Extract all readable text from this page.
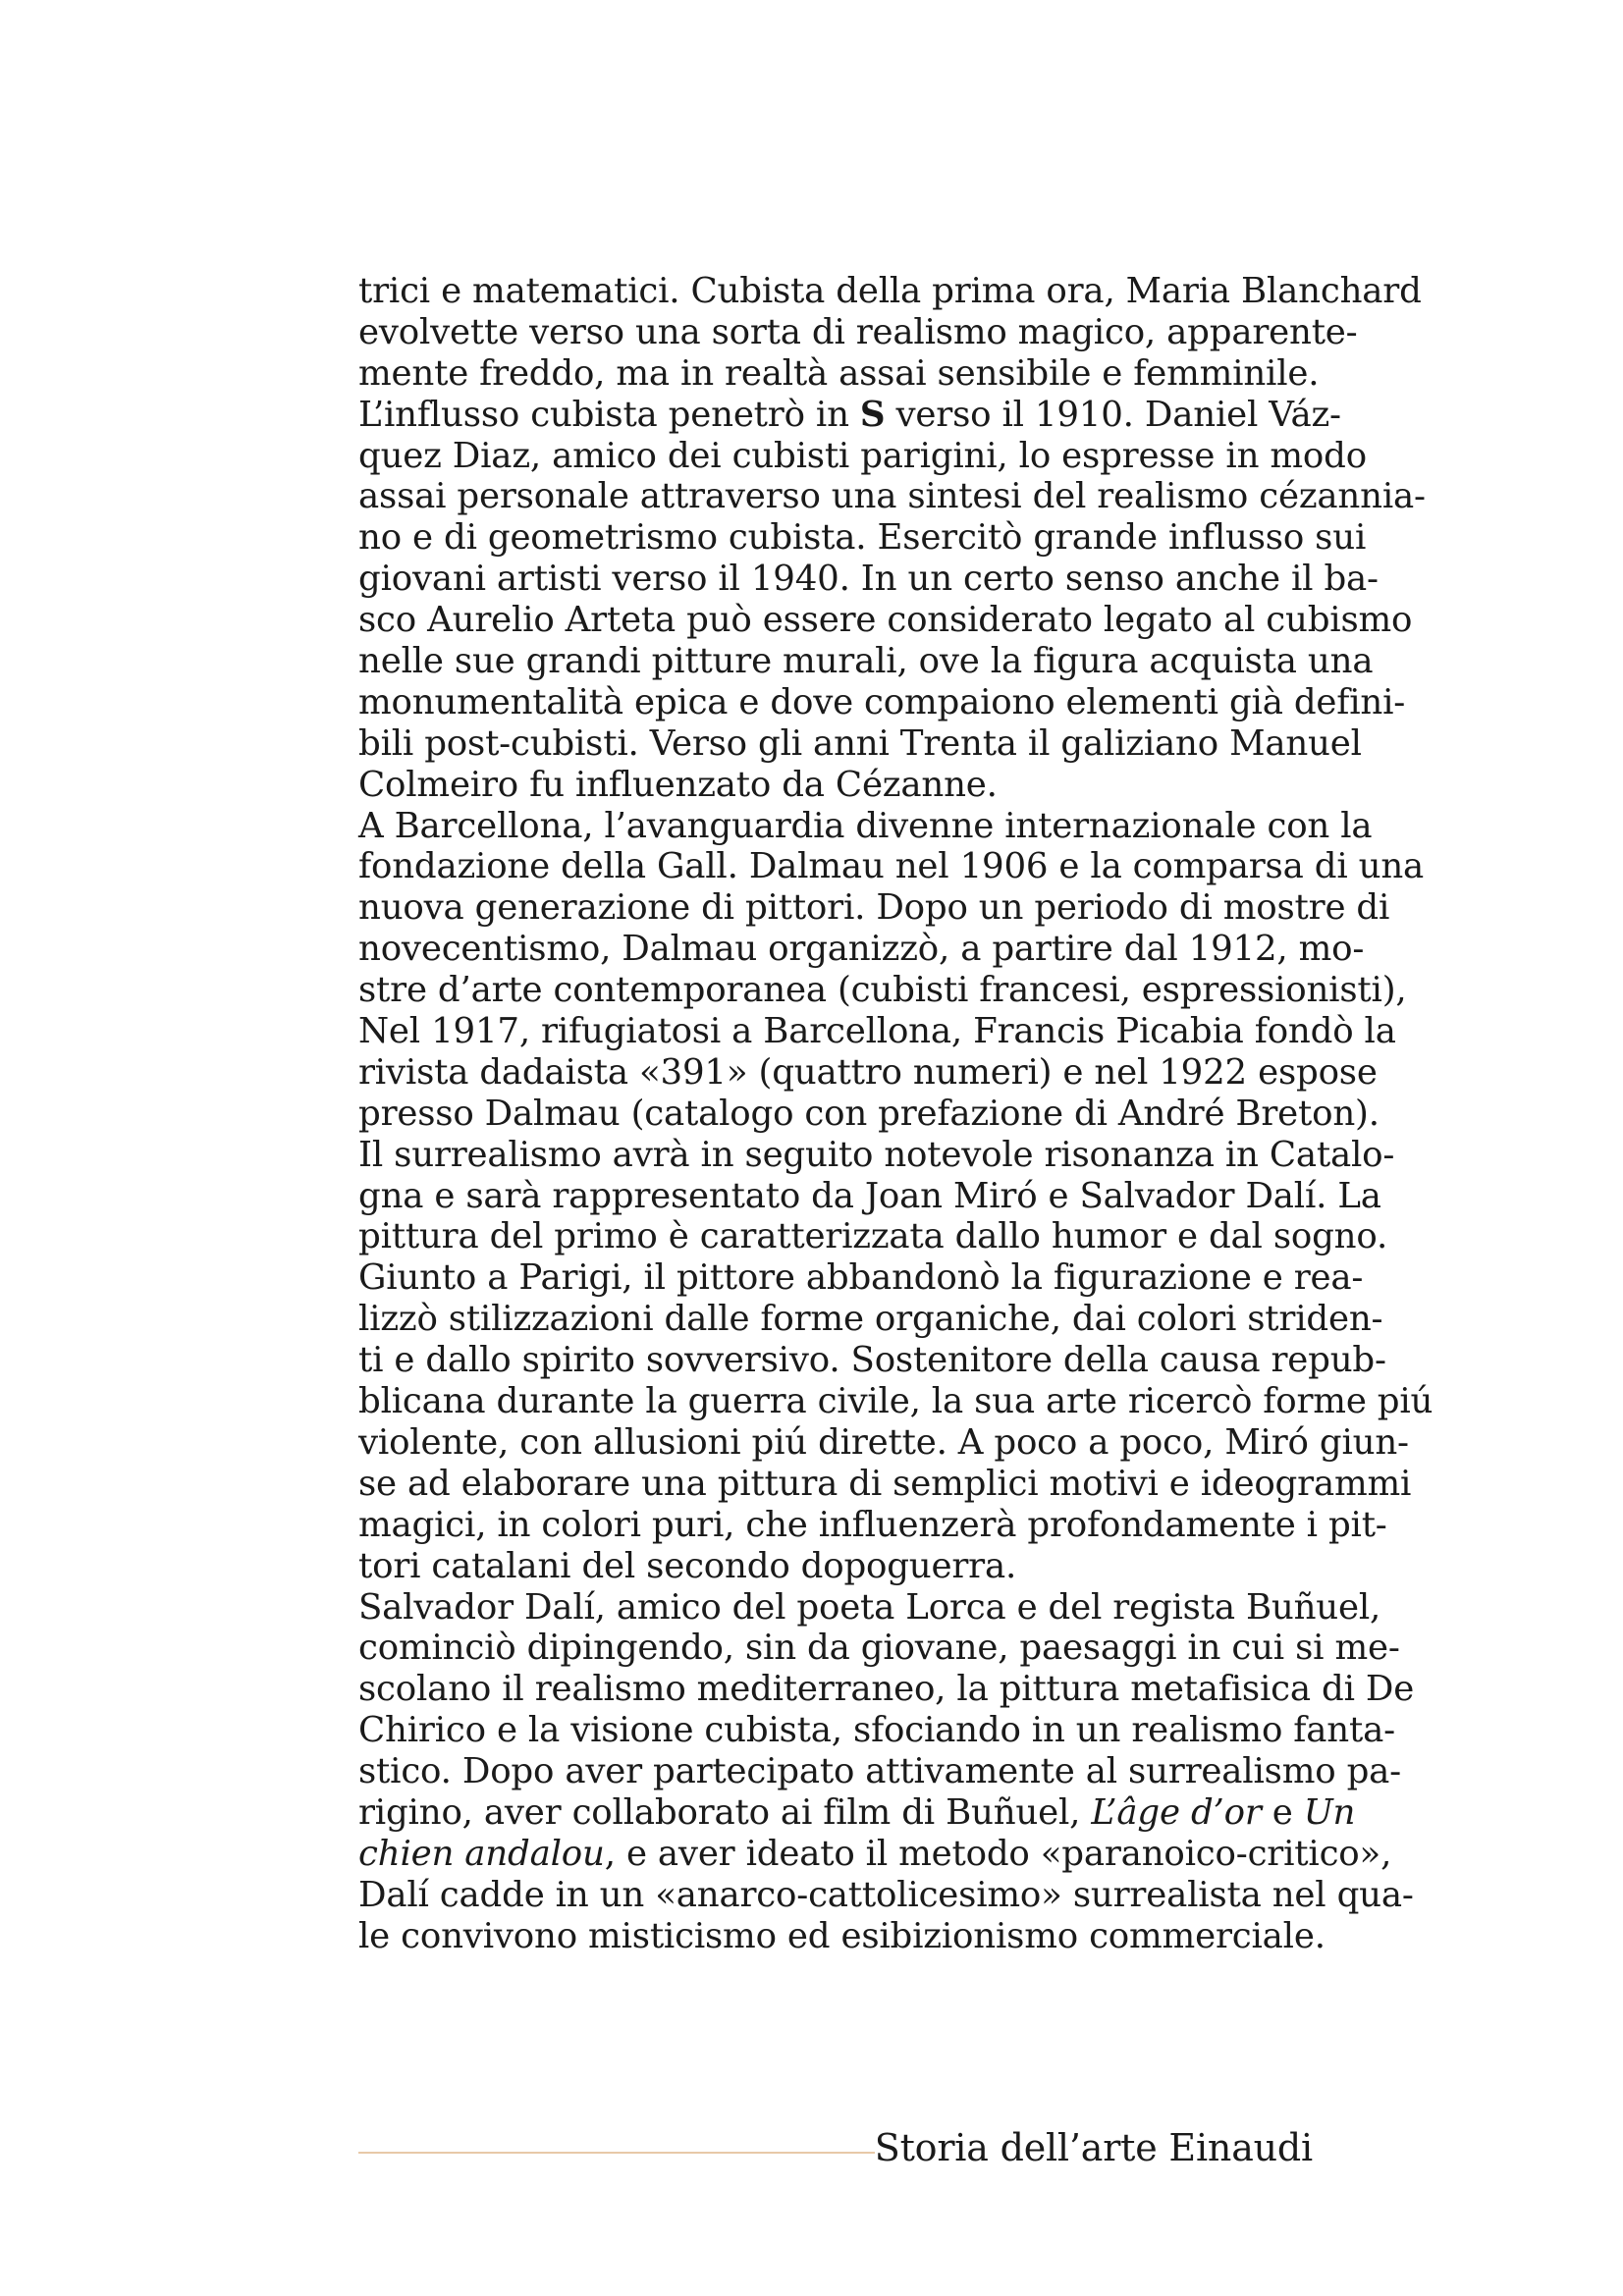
trici e matematici. Cubista della prima ora, Maria Blanchard
evolvette verso una sorta di realismo magico, apparente-
mente freddo, ma in realtà assai sensibile e femminile.
L’influsso cubista penetrò in S verso il 1910. Daniel Váz-
quez Diaz, amico dei cubisti parigini, lo espresse in modo
assai personale attraverso una sintesi del realismo cézannia-
no e di geometrismo cubista. Esercitò grande influsso sui
giovani artisti verso il 1940. In un certo senso anche il ba-
sco Aurelio Arteta può essere considerato legato al cubismo
nelle sue grandi pitture murali, ove la figura acquista una
monumentalità epica e dove compaiono elementi già defini-
bili post-cubisti. Verso gli anni Trenta il galiziano Manuel
Colmeiro fu influenzato da Cézanne.
A Barcellona, l’avanguardia divenne internazionale con la
fondazione della Gall. Dalmau nel 1906 e la comparsa di una
nuova generazione di pittori. Dopo un periodo di mostre di
novecentismo, Dalmau organizzò, a partire dal 1912, mo-
stre d’arte contemporanea (cubisti francesi, espressionisti),
Nel 1917, rifugiatosi a Barcellona, Francis Picabia fondò la
rivista dadaista «391» (quattro numeri) e nel 1922 espose
presso Dalmau (catalogo con prefazione di André Breton).
Il surrealismo avrà in seguito notevole risonanza in Catalo-
gna e sarà rappresentato da Joan Miró e Salvador Dalí. La
pittura del primo è caratterizzata dallo humor e dal sogno.
Giunto a Parigi, il pittore abbandonò la figurazione e rea-
lizzò stilizzazioni dalle forme organiche, dai colori striden-
ti e dallo spirito sovversivo. Sostenitore della causa repub-
blicana durante la guerra civile, la sua arte ricercò forme piú
violente, con allusioni piú dirette. A poco a poco, Miró giun-
se ad elaborare una pittura di semplici motivi e ideogrammi
magici, in colori puri, che influenzerà profondamente i pit-
tori catalani del secondo dopoguerra.
Salvador Dalí, amico del poeta Lorca e del regista Buñuel,
cominciò dipingendo, sin da giovane, paesaggi in cui si me-
scolano il realismo mediterraneo, la pittura metafisica di De
Chirico e la visione cubista, sfociando in un realismo fanta-
stico. Dopo aver partecipato attivamente al surrealismo pa-
rigino, aver collaborato ai film di Buñuel, L’âge d’or e Un
chien andalou, e aver ideato il metodo «paranoico-critico»,
Dalí cadde in un «anarco-cattolicesimo» surrealista nel qua-
le convivono misticismo ed esibizionismo commerciale.
Storia dell’arte Einaudi
